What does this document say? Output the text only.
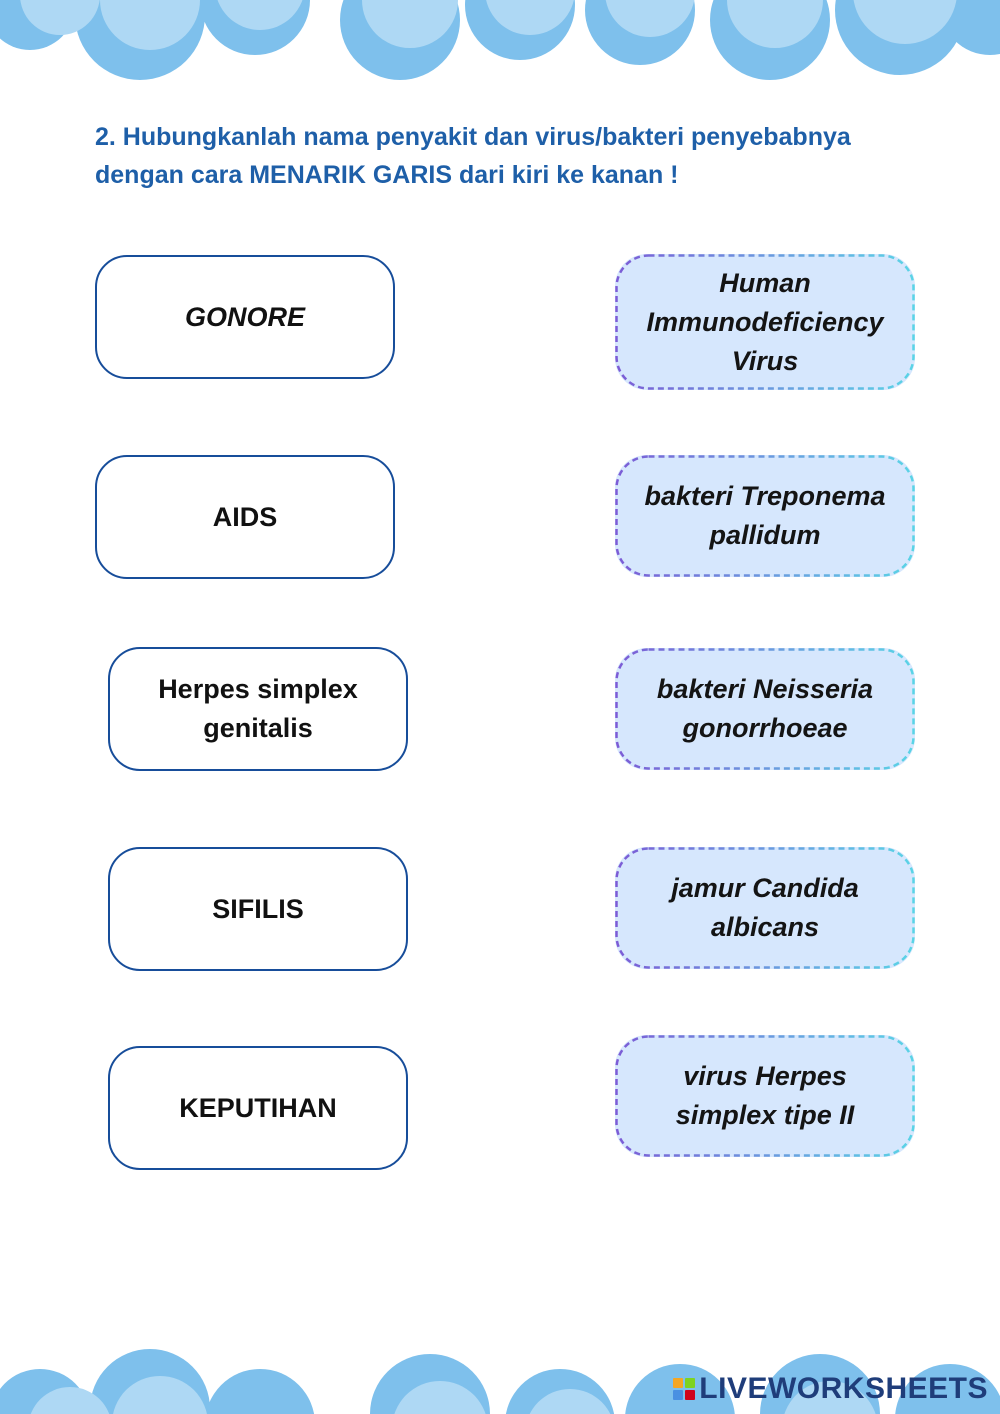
2. Hubungkanlah nama penyakit dan virus/bakteri penyebabnya dengan cara MENARIK GARIS dari kiri ke kanan !
GONORE
AIDS
Herpes simplex genitalis
SIFILIS
KEPUTIHAN
Human Immunodeficiency Virus
bakteri Treponema pallidum
bakteri Neisseria gonorrhoeae
jamur Candida albicans
virus Herpes simplex tipe II
LIVEWORKSHEETS
